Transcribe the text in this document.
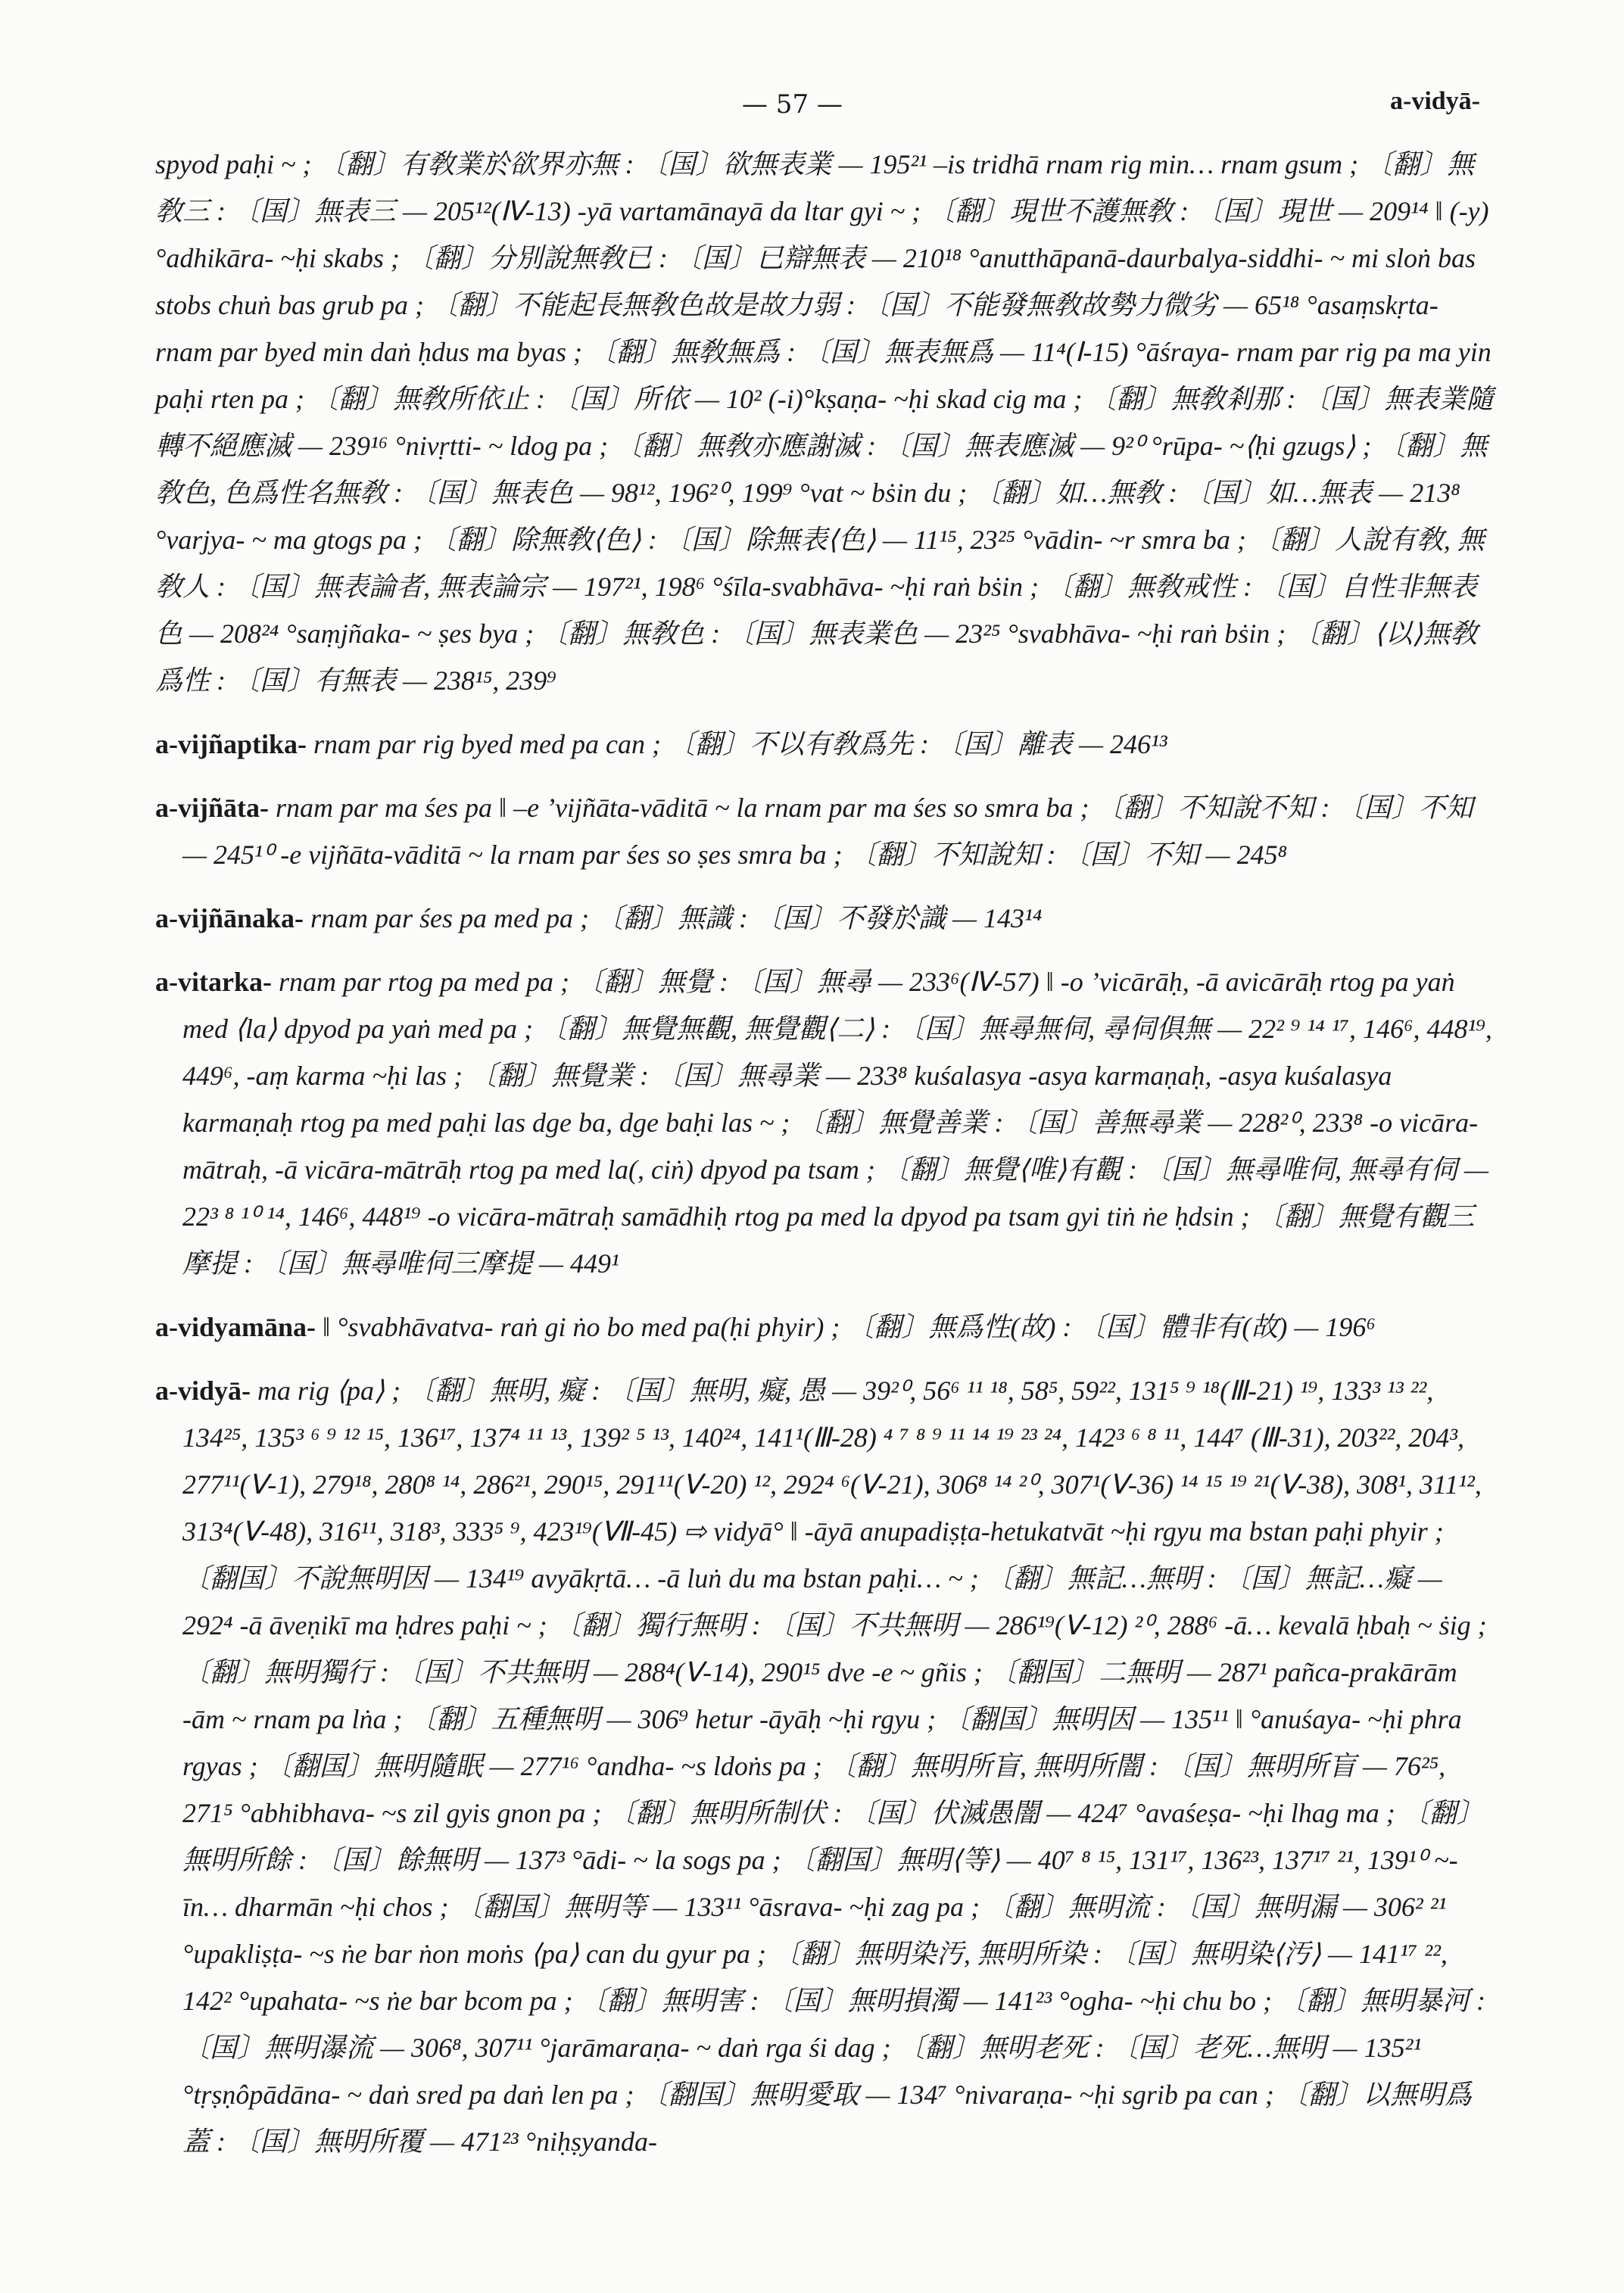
— 57 —	a-vidyā-
spyod paḥi ~ ; 〔翻〕有敎業於欲界亦無 : 〔国〕欲無表業 — 195²¹ –is tridhā rnam rig min… rnam gsum ; 〔翻〕無敎三 : 〔国〕無表三 — 205¹²(Ⅳ-13) -yā vartamānayā da ltar gyi ~ ; 〔翻〕現世不護無敎 : 〔国〕現世 — 209¹⁴ ‖ (-y)°adhikāra- ~ḥi skabs ; 〔翻〕分別說無敎已 : 〔国〕已辯無表 — 210¹⁸ °anutthāpanā-daurbalya-siddhi- ~ mi sloṅ bas stobs chuṅ bas grub pa ; 〔翻〕不能起長無敎色故是故力弱 : 〔国〕不能發無敎故勢力微劣 — 65¹⁸ °asaṃskṛta- rnam par byed min daṅ ḥdus ma byas ; 〔翻〕無敎無爲 : 〔国〕無表無爲 — 11⁴(Ⅰ-15) °āśraya- rnam par rig pa ma yin paḥi rten pa ; 〔翻〕無敎所依止 : 〔国〕所依 — 10² (-i)°kṣaṇa- ~ḥi skad cig ma ; 〔翻〕無敎剎那 : 〔国〕無表業隨轉不絕應滅 — 239¹⁶ °nivṛtti- ~ ldog pa ; 〔翻〕無敎亦應謝滅 : 〔国〕無表應滅 — 9²⁰ °rūpa- ~⟨ḥi gzugs⟩ ; 〔翻〕無敎色, 色爲性名無敎 : 〔国〕無表色 — 98¹², 196²⁰, 199⁹ °vat ~ bṡin du ; 〔翻〕如…無敎 : 〔国〕如…無表 — 213⁸ °varjya- ~ ma gtogs pa ; 〔翻〕除無敎⟨色⟩ : 〔国〕除無表⟨色⟩ — 11¹⁵, 23²⁵ °vādin- ~r smra ba ; 〔翻〕人說有敎, 無敎人 : 〔国〕無表論者, 無表論宗 — 197²¹, 198⁶ °śīla-svabhāva- ~ḥi raṅ bṡin ; 〔翻〕無敎戒性 : 〔国〕自性非無表色 — 208²⁴ °saṃjñaka- ~ ṣes bya ; 〔翻〕無敎色 : 〔国〕無表業色 — 23²⁵ °svabhāva- ~ḥi raṅ bṡin ; 〔翻〕⟨以⟩無敎爲性 : 〔国〕有無表 — 238¹⁵, 239⁹
a-vijñaptika- rnam par rig byed med pa can ; 〔翻〕不以有敎爲先 : 〔国〕離表 — 246¹³
a-vijñāta- rnam par ma śes pa ‖ –e ’vijñāta-vāditā ~ la rnam par ma śes so smra ba ; 〔翻〕不知說不知 : 〔国〕不知 — 245¹⁰ -e vijñāta-vāditā ~ la rnam par śes so ṣes smra ba ; 〔翻〕不知說知 : 〔国〕不知 — 245⁸
a-vijñānaka- rnam par śes pa med pa ; 〔翻〕無識 : 〔国〕不發於識 — 143¹⁴
a-vitarka- rnam par rtog pa med pa ; 〔翻〕無覺 : 〔国〕無尋 — 233⁶(Ⅳ-57) ‖ -o ’vicārāḥ, -ā avicārāḥ rtog pa yaṅ med ⟨la⟩ dpyod pa yaṅ med pa ; 〔翻〕無覺無觀, 無覺觀⟨二⟩ : 〔国〕無尋無伺, 尋伺俱無 — 22² ⁹ ¹⁴ ¹⁷, 146⁶, 448¹⁹, 449⁶, -aṃ karma ~ḥi las ; 〔翻〕無覺業 : 〔国〕無尋業 — 233⁸ kuśalasya -asya karmaṇaḥ, -asya kuśalasya karmaṇaḥ rtog pa med paḥi las dge ba, dge baḥi las ~ ; 〔翻〕無覺善業 : 〔国〕善無尋業 — 228²⁰, 233⁸ -o vicāra-mātraḥ, -ā vicāra-mātrāḥ rtog pa med la(, ciṅ) dpyod pa tsam ; 〔翻〕無覺⟨唯⟩有觀 : 〔国〕無尋唯伺, 無尋有伺 — 22³ ⁸ ¹⁰ ¹⁴, 146⁶, 448¹⁹ -o vicāra-mātraḥ samādhiḥ rtog pa med la dpyod pa tsam gyi tiṅ ṅe ḥdsin ; 〔翻〕無覺有觀三摩提 : 〔国〕無尋唯伺三摩提 — 449¹
a-vidyamāna- ‖ °svabhāvatva- raṅ gi ṅo bo med pa(ḥi phyir) ; 〔翻〕無爲性(故) : 〔国〕體非有(故) — 196⁶
a-vidyā- ma rig ⟨pa⟩ ; 〔翻〕無明, 癡 : 〔国〕無明, 癡, 愚 — 39²⁰, 56⁶ ¹¹ ¹⁸, 58⁵, 59²², 131⁵ ⁹ ¹⁸(Ⅲ-21) ¹⁹, 133³ ¹³ ²², 134²⁵, 135³ ⁶ ⁹ ¹² ¹⁵, 136¹⁷, 137⁴ ¹¹ ¹³, 139² ⁵ ¹³, 140²⁴, 141¹(Ⅲ-28) ⁴ ⁷ ⁸ ⁹ ¹¹ ¹⁴ ¹⁹ ²³ ²⁴, 142³ ⁶ ⁸ ¹¹, 144⁷ (Ⅲ-31), 203²², 204³, 277¹¹(Ⅴ-1), 279¹⁸, 280⁸ ¹⁴, 286²¹, 290¹⁵, 291¹¹(Ⅴ-20) ¹², 292⁴ ⁶(Ⅴ-21), 306⁸ ¹⁴ ²⁰, 307¹(Ⅴ-36) ¹⁴ ¹⁵ ¹⁹ ²¹(Ⅴ-38), 308¹, 311¹², 313⁴(Ⅴ-48), 316¹¹, 318³, 333⁵ ⁹, 423¹⁹(Ⅶ-45) ⇨ vidyā° ‖ -āyā anupadiṣṭa-hetukatvāt ~ḥi rgyu ma bstan paḥi phyir ; 〔翻国〕不說無明因 — 134¹⁹ avyākṛtā… -ā luṅ du ma bstan paḥi… ~ ; 〔翻〕無記…無明 : 〔国〕無記…癡 — 292⁴ -ā āveṇikī ma ḥdres paḥi ~ ; 〔翻〕獨行無明 : 〔国〕不共無明 — 286¹⁹(Ⅴ-12) ²⁰, 288⁶ -ā… kevalā ḥbaḥ ~ ṡig ; 〔翻〕無明獨行 : 〔国〕不共無明 — 288⁴(Ⅴ-14), 290¹⁵ dve -e ~ gñis ; 〔翻国〕二無明 — 287¹ pañca-prakārām -ām ~ rnam pa lṅa ; 〔翻〕五種無明 — 306⁹ hetur -āyāḥ ~ḥi rgyu ; 〔翻国〕無明因 — 135¹¹ ‖ °anuśaya- ~ḥi phra rgyas ; 〔翻国〕無明隨眠 — 277¹⁶ °andha- ~s ldoṅs pa ; 〔翻〕無明所盲, 無明所闇 : 〔国〕無明所盲 — 76²⁵, 271⁵ °abhibhava- ~s zil gyis gnon pa ; 〔翻〕無明所制伏 : 〔国〕伏滅愚闇 — 424⁷ °avaśeṣa- ~ḥi lhag ma ; 〔翻〕無明所餘 : 〔国〕餘無明 — 137³ °ādi- ~ la sogs pa ; 〔翻国〕無明⟨等⟩ — 40⁷ ⁸ ¹⁵, 131¹⁷, 136²³, 137¹⁷ ²¹, 139¹⁰ ~-īn… dharmān ~ḥi chos ; 〔翻国〕無明等 — 133¹¹ °āsrava- ~ḥi zag pa ; 〔翻〕無明流 : 〔国〕無明漏 — 306² ²¹ °upakliṣṭa- ~s ṅe bar ṅon moṅs ⟨pa⟩ can du gyur pa ; 〔翻〕無明染汚, 無明所染 : 〔国〕無明染⟨汚⟩ — 141¹⁷ ²², 142² °upahata- ~s ṅe bar bcom pa ; 〔翻〕無明害 : 〔国〕無明損濁 — 141²³ °ogha- ~ḥi chu bo ; 〔翻〕無明暴河 : 〔国〕無明瀑流 — 306⁸, 307¹¹ °jarāmaraṇa- ~ daṅ rga śi dag ; 〔翻〕無明老死 : 〔国〕老死…無明 — 135²¹ °tṛṣṇôpādāna- ~ daṅ sred pa daṅ len pa ; 〔翻国〕無明愛取 — 134⁷ °nivaraṇa- ~ḥi sgrib pa can ; 〔翻〕以無明爲蓋 : 〔国〕無明所覆 — 471²³ °niḥṣyanda-
